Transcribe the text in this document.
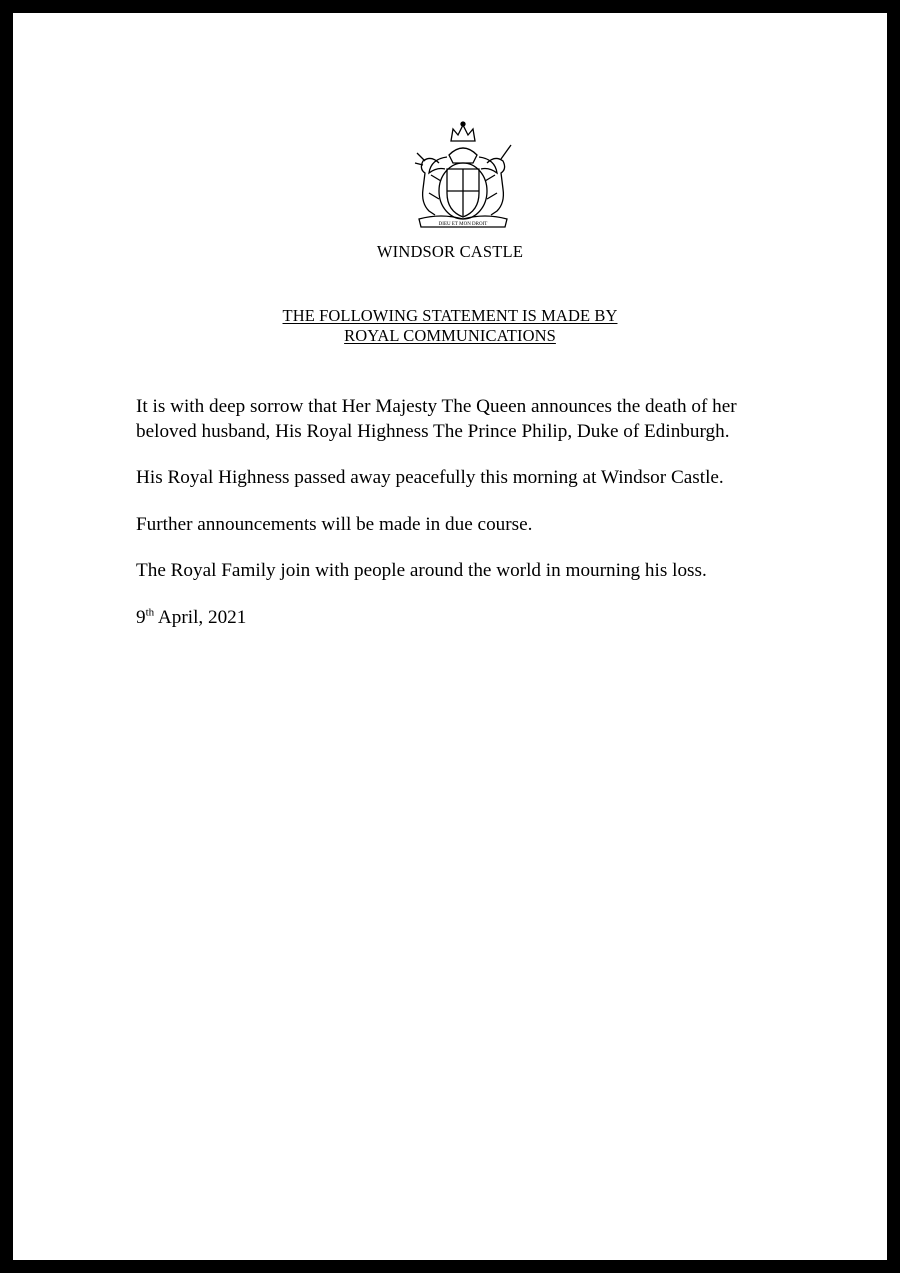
DIEU ET MON DROIT
WINDSOR CASTLE
THE FOLLOWING STATEMENT IS MADE BY
ROYAL COMMUNICATIONS

It is with deep sorrow that Her Majesty The Queen announces the death of her beloved husband, His Royal Highness The Prince Philip, Duke of Edinburgh.

His Royal Highness passed away peacefully this morning at Windsor Castle.

Further announcements will be made in due course.

The Royal Family join with people around the world in mourning his loss.

9th April, 2021
